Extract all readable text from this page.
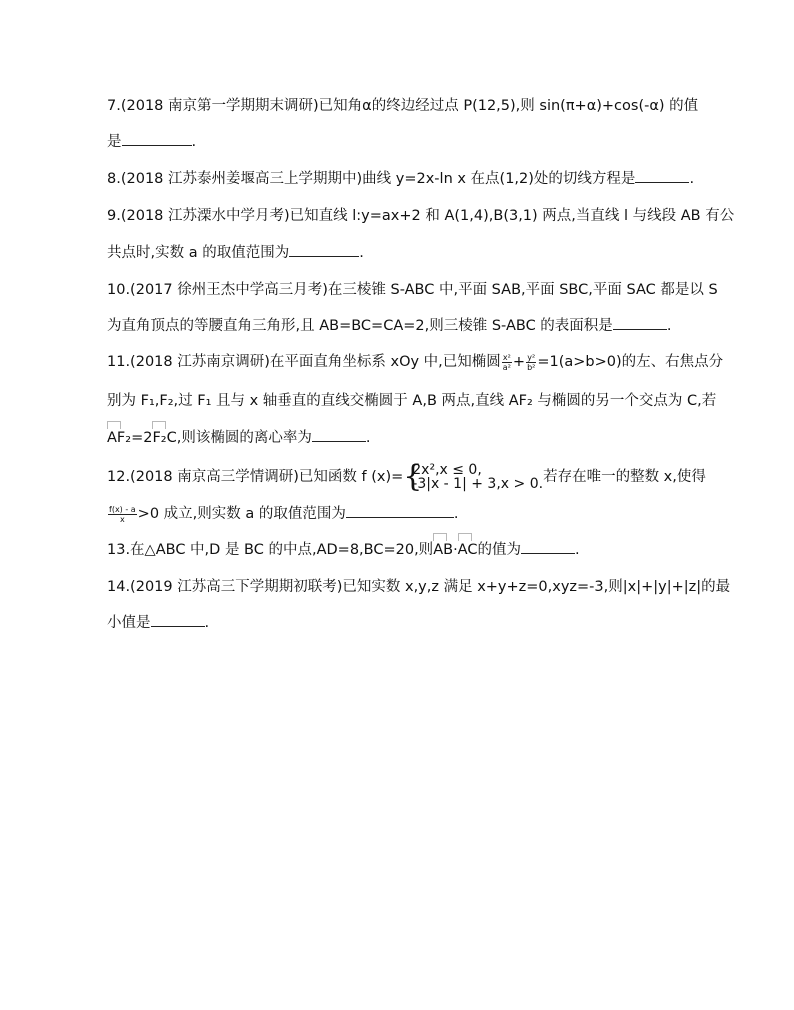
7.(2018 南京第一学期期末调研)已知角α的终边经过点 P(12,5),则 sin(π+α)+cos(-α) 的值
是	.
8.(2018 江苏泰州姜堰高三上学期期中)曲线 y=2x-ln x 在点(1,2)处的切线方程是	.
9.(2018 江苏溧水中学月考)已知直线 l:y=ax+2 和 A(1,4),B(3,1) 两点,当直线 l 与线段 AB 有公
共点时,实数 a 的取值范围为	.
10.(2017 徐州王杰中学高三月考)在三棱锥 S-ABC 中,平面 SAB,平面 SBC,平面 SAC 都是以 S
为直角顶点的等腰直角三角形,且 AB=BC=CA=2,则三棱锥 S-ABC 的表面积是	.
11.(2018 江苏南京调研)在平面直角坐标系 xOy 中,已知椭圆 $\frac{\text{x²}}{\text{a²}} + \frac{\text{y²}}{\text{b²}} =1(a>b>0)$的左、右焦点分
别为 F₁,F₂,过 F₁ 且与 x 轴垂直的直线交椭圆于 A,B 两点,直线 AF₂ 与椭圆的另一个交点为 C,若
AF₂=2F₂C,则该椭圆的离心率为	.
12.(2018 南京高三学情调研)已知函数 f (x)= {
2x²,x ≤ 0,
-3|x - 1| + 3,x > 0. 若存在唯一的整数 x,使得
$\frac{f(x) - a}{x} >0$ 成立,则实数 a 的取值范围为	.
13.在△ABC 中,D 是 BC 的中点,AD=8,BC=20,则AB·AC的值为	.
14.(2019 江苏高三下学期期初联考)已知实数 x,y,z 满足 x+y+z=0,xyz=-3,则|x|+|y|+|z|的最
小值是	.
